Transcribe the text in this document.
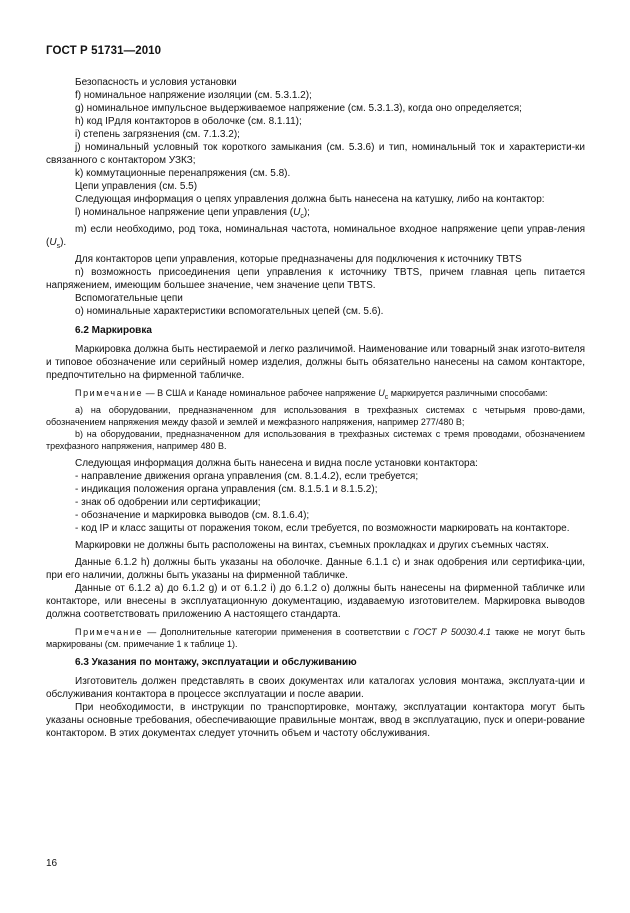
ГОСТ Р 51731—2010

Безопасность и условия установки

f) номинальное напряжение изоляции (см. 5.3.1.2);

g) номинальное импульсное выдерживаемое напряжение (см. 5.3.1.3), когда оно определяется;

h) код IPдля контакторов в оболочке (см. 8.1.11);

i) степень загрязнения (см. 7.1.3.2);

j) номинальный условный ток короткого замыкания (см. 5.3.6) и тип, номинальный ток и характеристи-ки связанного с контактором УЗКЗ;

k) коммутационные перенапряжения (см. 5.8).

Цепи управления (см. 5.5)

Следующая информация о цепях управления должна быть нанесена на катушку, либо на контактор:

l) номинальное напряжение цепи управления $(U_c)$;

m) если необходимо, род тока, номинальная частота, номинальное входное напряжение цепи управ-ления $(U_s)$.

Для контакторов цепи управления, которые предназначены для подключения к источнику TBTS

n) возможность присоединения цепи управления к источнику TBTS, причем главная цепь питается напряжением, имеющим большее значение, чем значение цепи TBTS.

Вспомогательные цепи

o) номинальные характеристики вспомогательных цепей (см. 5.6).

6.2 Маркировка

Маркировка должна быть нестираемой и легко различимой. Наименование или товарный знак изгото-вителя и типовое обозначение или серийный номер изделия, должны быть обязательно нанесены на самом контакторе, предпочтительно на фирменной табличке.

Примечание — В США и Канаде номинальное рабочее напряжение $U_c$ маркируется различными способами:

а) на оборудовании, предназначенном для использования в трехфазных системах с четырьмя прово-дами, обозначением напряжения между фазой и землей и межфазного напряжения, например 277/480 В;

b) на оборудовании, предназначенном для использования в трехфазных системах с тремя проводами, обозначением трехфазного напряжения, например 480 В.

Следующая информация должна быть нанесена и видна после установки контактора:

- направление движения органа управления (см. 8.1.4.2), если требуется;

- индикация положения органа управления (см. 8.1.5.1 и 8.1.5.2);

- знак об одобрении или сертификации;

- обозначение и маркировка выводов (см. 8.1.6.4);

- код IP и класс защиты от поражения током, если требуется, по возможности маркировать на контакторе.

Маркировки не должны быть расположены на винтах, съемных прокладках и других съемных частях.

Данные 6.1.2 h) должны быть указаны на оболочке. Данные 6.1.1 c) и знак одобрения или сертифика-ции, при его наличии, должны быть указаны на фирменной табличке.

Данные от 6.1.2 а) до 6.1.2 g) и от 6.1.2 i) до 6.1.2 о) должны быть нанесены на фирменной табличке или контакторе, или внесены в эксплуатационную документацию, издаваемую изготовителем. Маркировка выводов должна соответствовать приложению А настоящего стандарта.

Примечание — Дополнительные категории применения в соответствии с ГОСТ Р 50030.4.1 также не могут быть маркированы (см. примечание 1 к таблице 1).

6.3 Указания по монтажу, эксплуатации и обслуживанию

Изготовитель должен представлять в своих документах или каталогах условия монтажа, эксплуата-ции и обслуживания контактора в процессе эксплуатации и после аварии.

При необходимости, в инструкции по транспортировке, монтажу, эксплуатации контактора могут быть указаны основные требования, обеспечивающие правильные монтаж, ввод в эксплуатацию, пуск и опери-рование контактором. В этих документах следует уточнить объем и частоту обслуживания.

16
